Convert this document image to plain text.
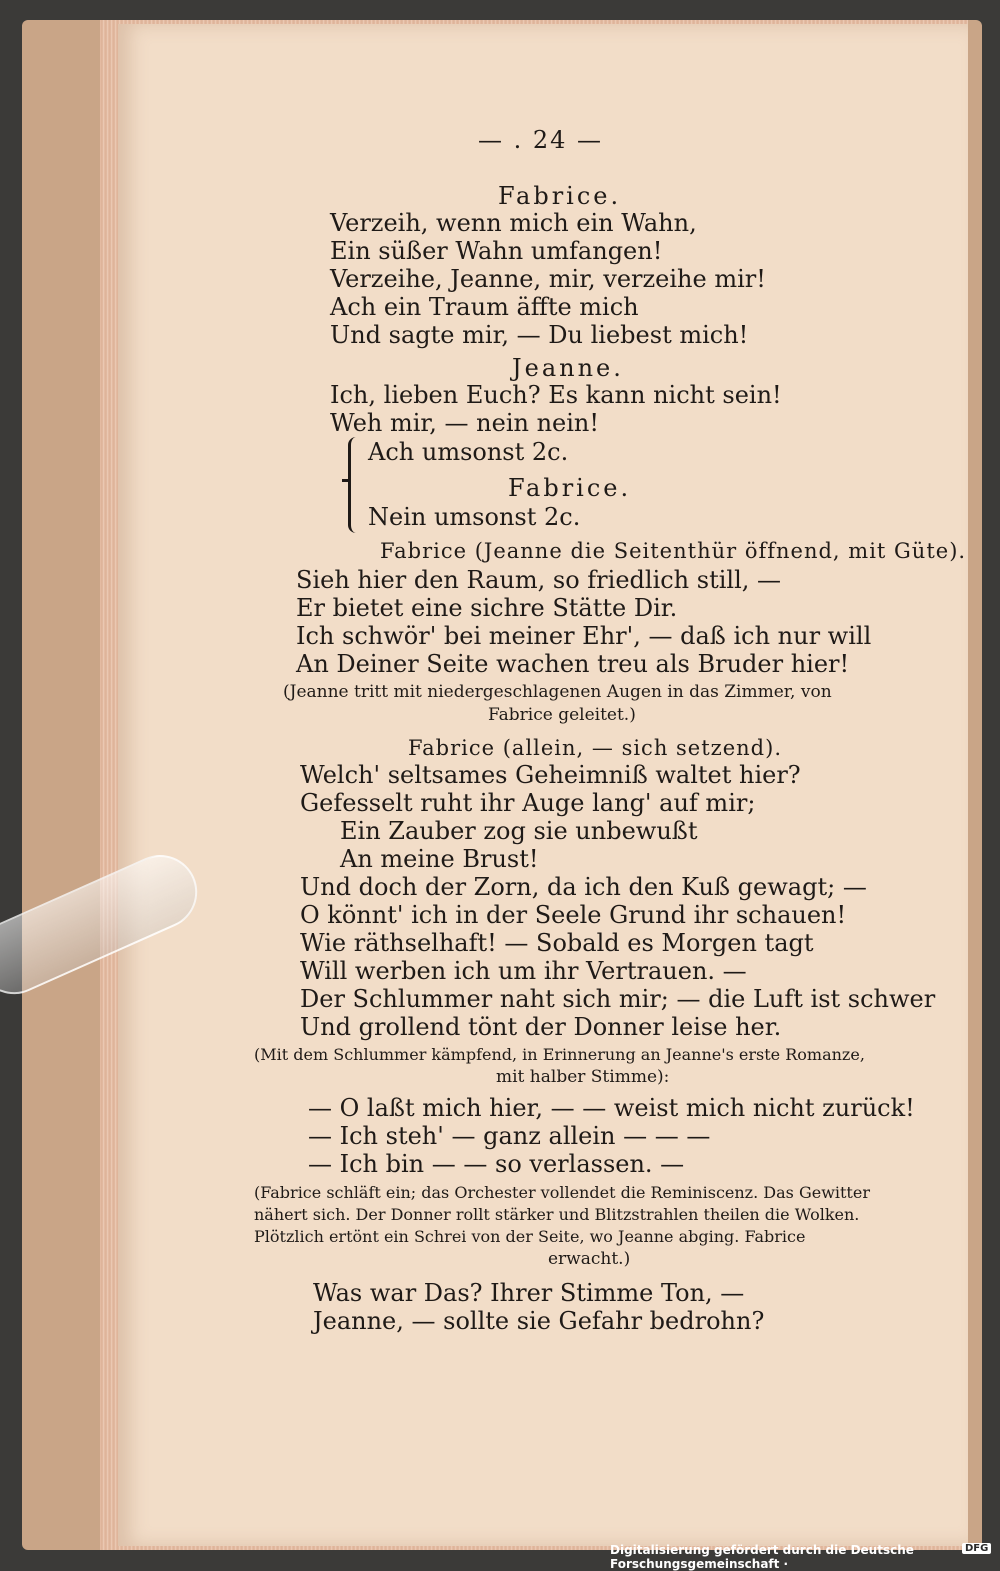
— . 24 —
Fabrice.
Verzeih, wenn mich ein Wahn,
Ein süßer Wahn umfangen!
Verzeihe, Jeanne, mir, verzeihe mir!
Ach ein Traum äffte mich
Und sagte mir, — Du liebest mich!
Jeanne.
Ich, lieben Euch? Es kann nicht sein!
Weh mir, — nein nein!
Ach umsonst 2c.
Fabrice.
Nein umsonst 2c.
Fabrice (Jeanne die Seitenthür öffnend, mit Güte).
Sieh hier den Raum, so friedlich still, —
Er bietet eine sichre Stätte Dir.
Ich schwör' bei meiner Ehr', — daß ich nur will
An Deiner Seite wachen treu als Bruder hier!
(Jeanne tritt mit niedergeschlagenen Augen in das Zimmer, von
Fabrice geleitet.)
Fabrice (allein, — sich setzend).
Welch' seltsames Geheimniß waltet hier?
Gefesselt ruht ihr Auge lang' auf mir;
Ein Zauber zog sie unbewußt
An meine Brust!
Und doch der Zorn, da ich den Kuß gewagt; —
O könnt' ich in der Seele Grund ihr schauen!
Wie räthselhaft! — Sobald es Morgen tagt
Will werben ich um ihr Vertrauen. —
Der Schlummer naht sich mir; — die Luft ist schwer
Und grollend tönt der Donner leise her.
(Mit dem Schlummer kämpfend, in Erinnerung an Jeanne's erste Romanze,
mit halber Stimme):
— O laßt mich hier, — — weist mich nicht zurück!
— Ich steh' — ganz allein — — —
— Ich bin — — so verlassen. —
(Fabrice schläft ein; das Orchester vollendet die Reminiscenz. Das Gewitter
nähert sich. Der Donner rollt stärker und Blitzstrahlen theilen die Wolken.
Plötzlich ertönt ein Schrei von der Seite, wo Jeanne abging. Fabrice
erwacht.)
Was war Das? Ihrer Stimme Ton, —
Jeanne, — sollte sie Gefahr bedrohn?
Digitalisierung gefördert durch die Deutsche Forschungsgemeinschaft ·
DFG
